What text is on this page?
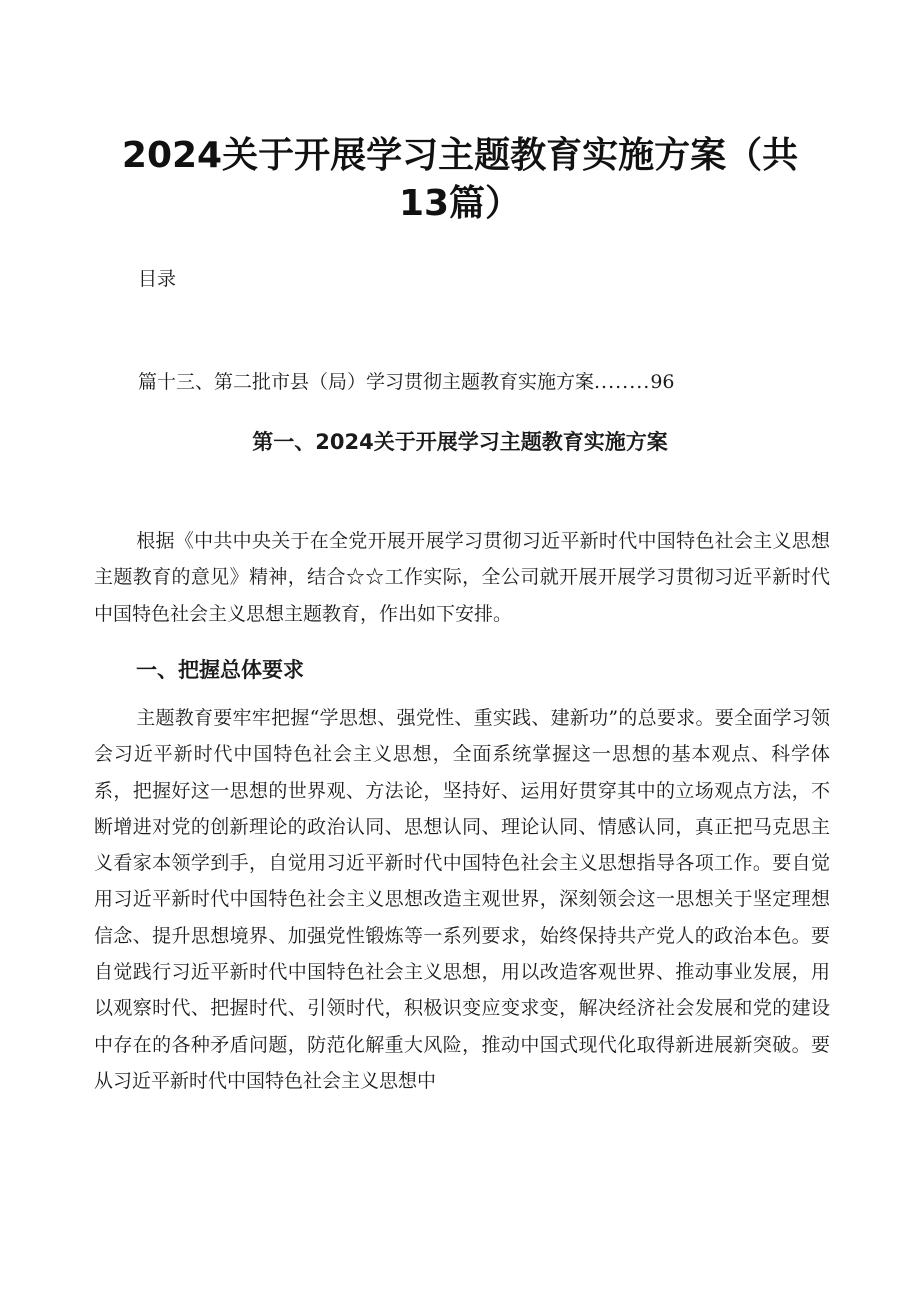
2024关于开展学习主题教育实施方案（共13篇）
目录
篇十三、第二批市县（局）学习贯彻主题教育实施方案........96
第一、2024关于开展学习主题教育实施方案

根据《中共中央关于在全党开展开展学习贯彻习近平新时代中国特色社会主义思想主题教育的意见》精神，结合☆☆工作实际，全公司就开展开展学习贯彻习近平新时代中国特色社会主义思想主题教育，作出如下安排。

一、把握总体要求

主题教育要牢牢把握“学思想、强党性、重实践、建新功”的总要求。要全面学习领会习近平新时代中国特色社会主义思想，全面系统掌握这一思想的基本观点、科学体系，把握好这一思想的世界观、方法论，坚持好、运用好贯穿其中的立场观点方法，不断增进对党的创新理论的政治认同、思想认同、理论认同、情感认同，真正把马克思主义看家本领学到手，自觉用习近平新时代中国特色社会主义思想指导各项工作。要自觉用习近平新时代中国特色社会主义思想改造主观世界，深刻领会这一思想关于坚定理想信念、提升思想境界、加强党性锻炼等一系列要求，始终保持共产党人的政治本色。要自觉践行习近平新时代中国特色社会主义思想，用以改造客观世界、推动事业发展，用以观察时代、把握时代、引领时代，积极识变应变求变，解决经济社会发展和党的建设中存在的各种矛盾问题，防范化解重大风险，推动中国式现代化取得新进展新突破。要从习近平新时代中国特色社会主义思想中
